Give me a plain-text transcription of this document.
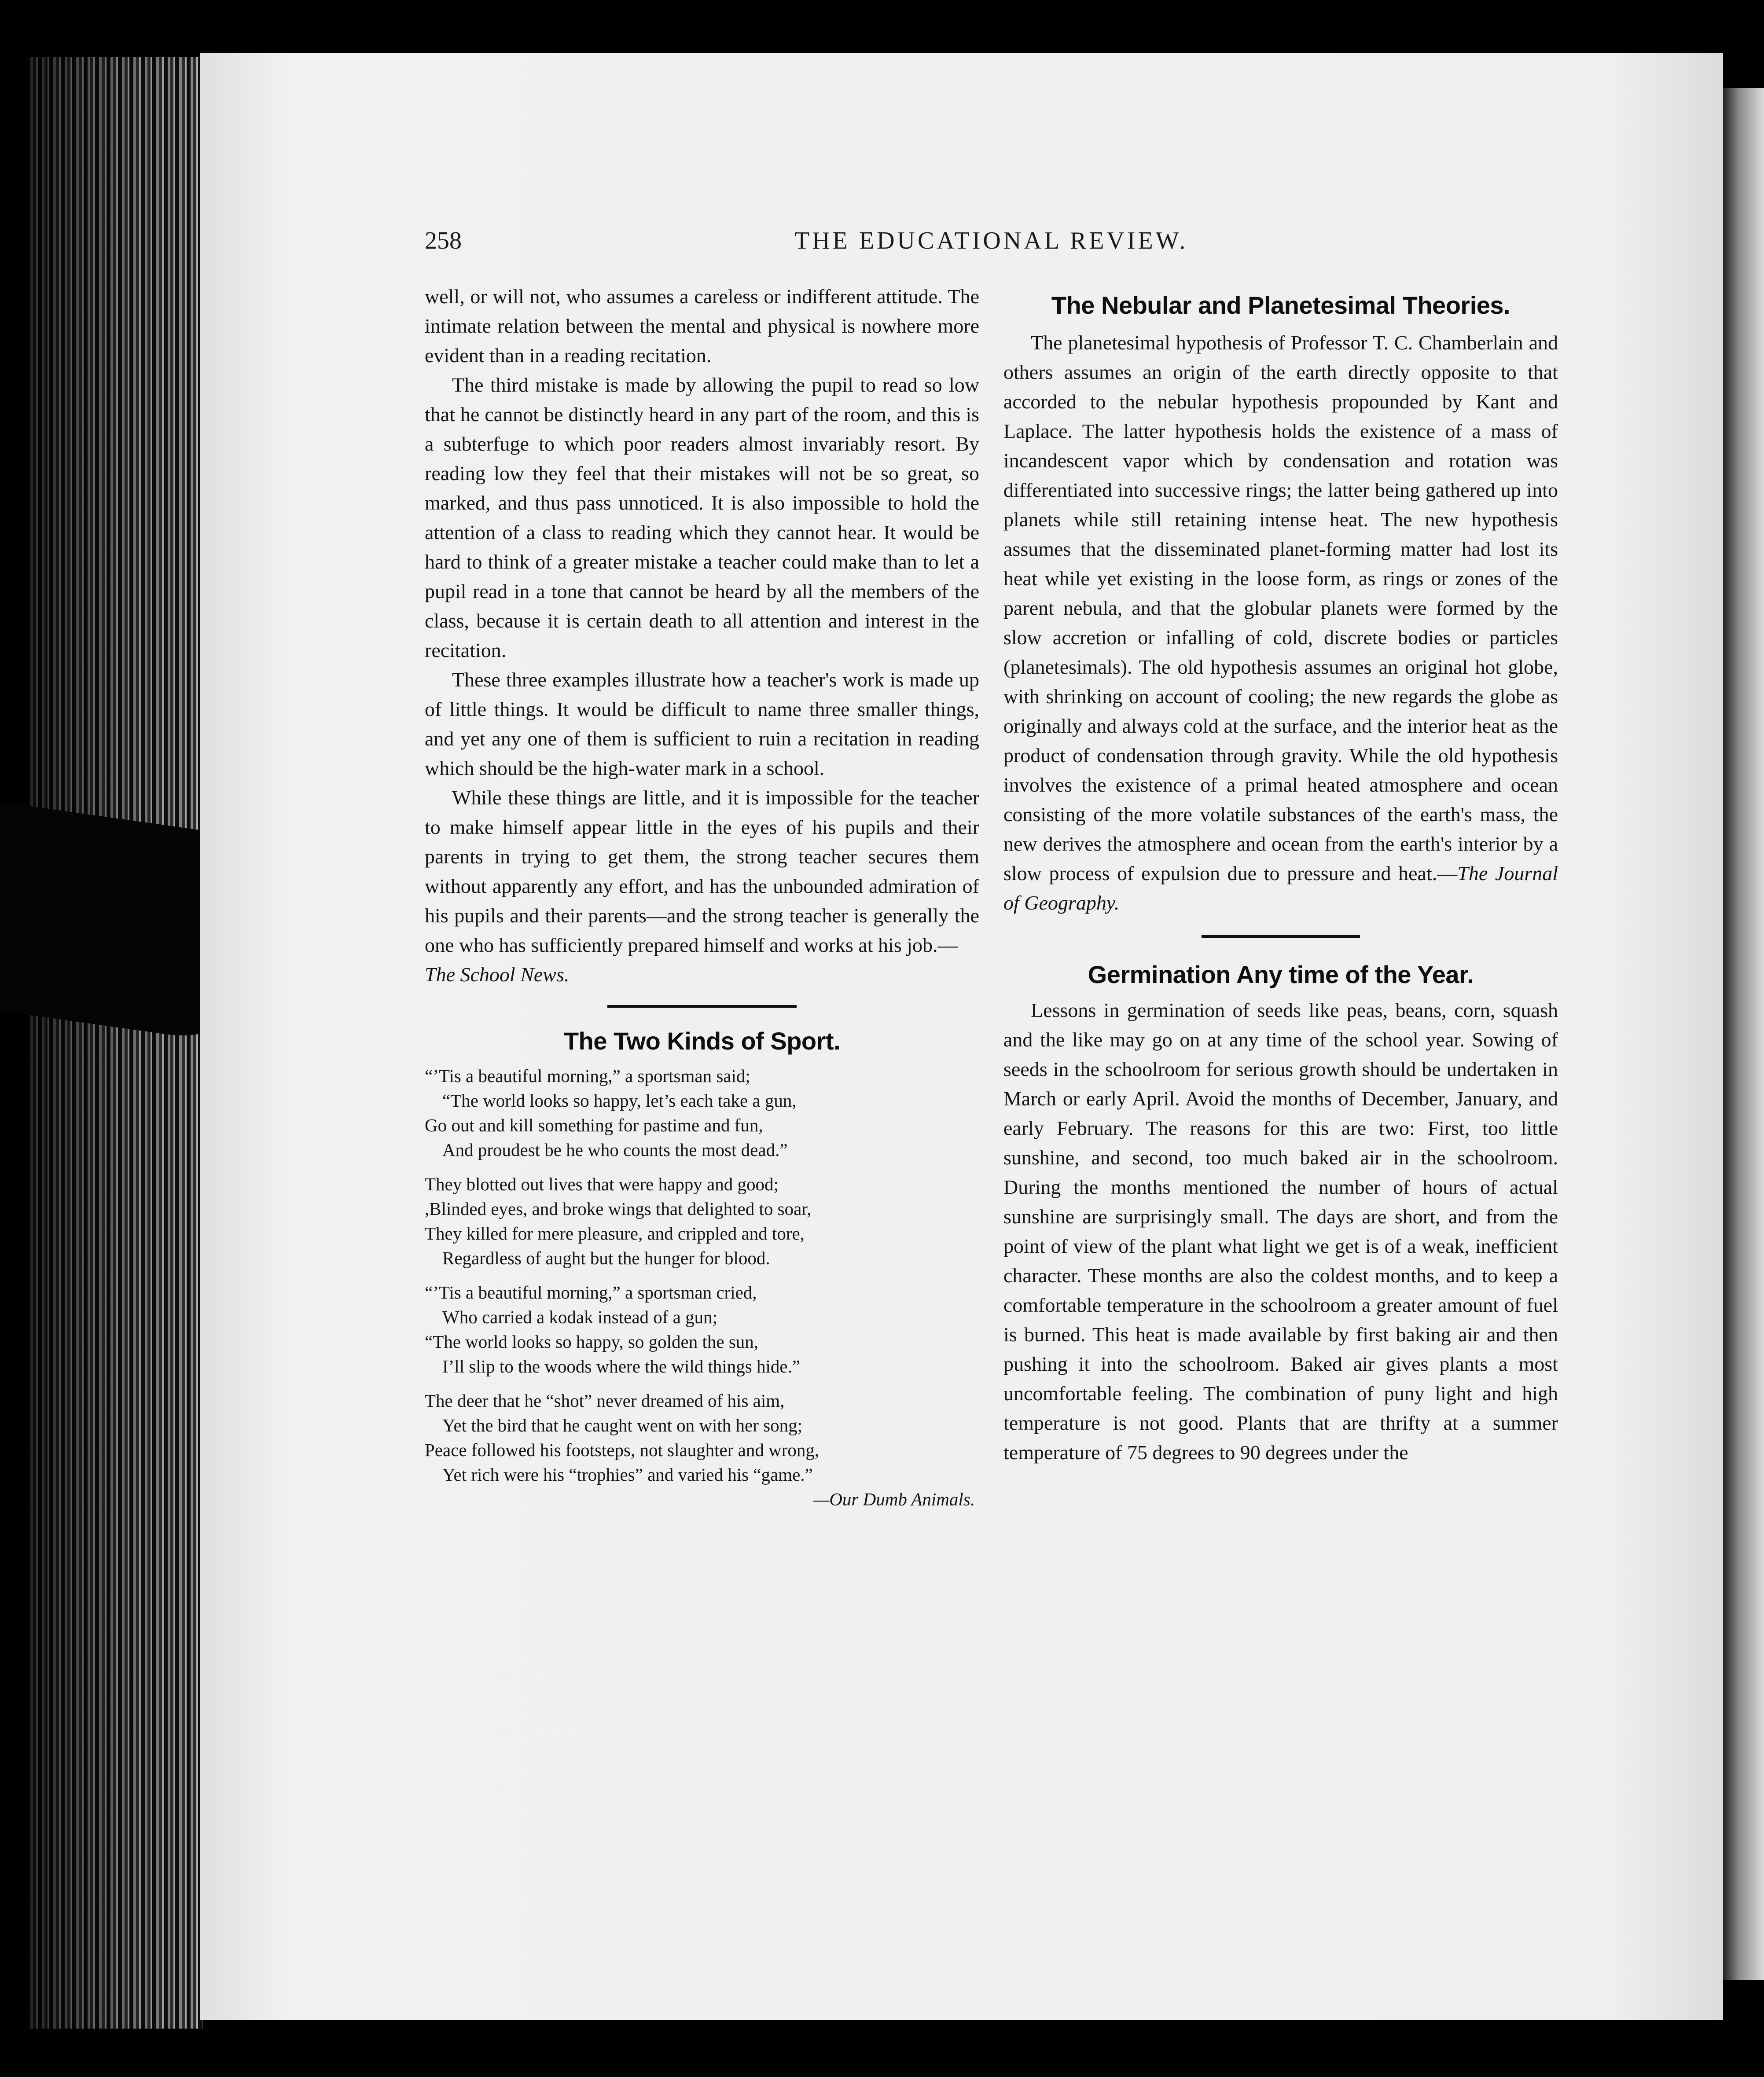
258	THE EDUCATIONAL REVIEW.

well, or will not, who assumes a careless or indifferent attitude. The intimate relation between the mental and physical is nowhere more evident than in a reading recitation.

The third mistake is made by allowing the pupil to read so low that he cannot be distinctly heard in any part of the room, and this is a subterfuge to which poor readers almost invariably resort. By reading low they feel that their mistakes will not be so great, so marked, and thus pass unnoticed. It is also impossible to hold the attention of a class to reading which they cannot hear. It would be hard to think of a greater mistake a teacher could make than to let a pupil read in a tone that cannot be heard by all the members of the class, because it is certain death to all attention and interest in the recitation.

These three examples illustrate how a teacher's work is made up of little things. It would be difficult to name three smaller things, and yet any one of them is sufficient to ruin a recitation in reading which should be the high-water mark in a school.

While these things are little, and it is impossible for the teacher to make himself appear little in the eyes of his pupils and their parents in trying to get them, the strong teacher secures them without apparently any effort, and has the unbounded admiration of his pupils and their parents—and the strong teacher is generally the one who has sufficiently prepared himself and works at his job.—

The School News.

The Two Kinds of Sport.
“’Tis a beautiful morning,” a sportsman said;
“The world looks so happy, let’s each take a gun,
Go out and kill something for pastime and fun,
And proudest be he who counts the most dead.”
They blotted out lives that were happy and good;
,Blinded eyes, and broke wings that delighted to soar,
They killed for mere pleasure, and crippled and tore,
Regardless of aught but the hunger for blood.
“’Tis a beautiful morning,” a sportsman cried,
Who carried a kodak instead of a gun;
“The world looks so happy, so golden the sun,
I’ll slip to the woods where the wild things hide.”
The deer that he “shot” never dreamed of his aim,
Yet the bird that he caught went on with her song;
Peace followed his footsteps, not slaughter and wrong,
Yet rich were his “trophies” and varied his “game.”
—Our Dumb Animals.
The Nebular and Planetesimal Theories.

The planetesimal hypothesis of Professor T. C. Chamberlain and others assumes an origin of the earth directly opposite to that accorded to the nebular hypothesis propounded by Kant and Laplace. The latter hypothesis holds the existence of a mass of incandescent vapor which by condensation and rotation was differentiated into successive rings; the latter being gathered up into planets while still retaining intense heat. The new hypothesis assumes that the disseminated planet-forming matter had lost its heat while yet existing in the loose form, as rings or zones of the parent nebula, and that the globular planets were formed by the slow accretion or infalling of cold, discrete bodies or particles (planetesimals). The old hypothesis assumes an original hot globe, with shrinking on account of cooling; the new regards the globe as originally and always cold at the surface, and the interior heat as the product of condensation through gravity. While the old hypothesis involves the existence of a primal heated atmosphere and ocean consisting of the more volatile substances of the earth's mass, the new derives the atmosphere and ocean from the earth's interior by a slow process of expulsion due to pressure and heat.—The Journal of Geography.

Germination Any time of the Year.

Lessons in germination of seeds like peas, beans, corn, squash and the like may go on at any time of the school year. Sowing of seeds in the schoolroom for serious growth should be undertaken in March or early April. Avoid the months of December, January, and early February. The reasons for this are two: First, too little sunshine, and second, too much baked air in the schoolroom. During the months mentioned the number of hours of actual sunshine are surprisingly small. The days are short, and from the point of view of the plant what light we get is of a weak, inefficient character. These months are also the coldest months, and to keep a comfortable temperature in the schoolroom a greater amount of fuel is burned. This heat is made available by first baking air and then pushing it into the schoolroom. Baked air gives plants a most uncomfortable feeling. The combination of puny light and high temperature is not good. Plants that are thrifty at a summer temperature of 75 degrees to 90 degrees under the
